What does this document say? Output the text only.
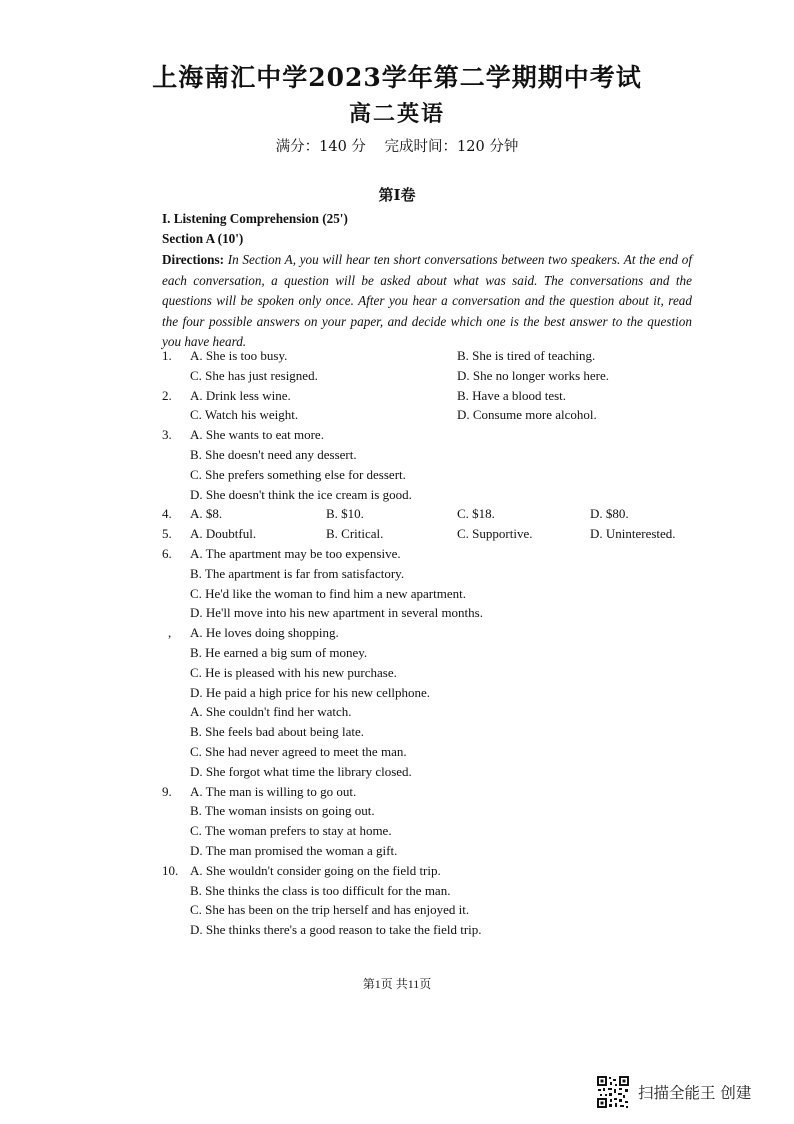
上海南汇中学2023学年第二学期期中考试
高二英语
满分：140 分 完成时间：120 分钟
第I卷
I. Listening Comprehension (25')
Section A (10')
Directions: In Section A, you will hear ten short conversations between two speakers. At the end of each conversation, a question will be asked about what was said. The conversations and the questions will be spoken only once. After you hear a conversation and the question about it, read the four possible answers on your paper, and decide which one is the best answer to the question you have heard.
1.	A. She is too busy.	B. She is tired of teaching.
C. She has just resigned.	D. She no longer works here.
2.	A. Drink less wine.	B. Have a blood test.
C. Watch his weight.	D. Consume more alcohol.
3.	A. She wants to eat more.
B. She doesn't need any dessert.
C. She prefers something else for dessert.
D. She doesn't think the ice cream is good.
4.	A. $8.	B. $10.	C. $18.	D. $80.
5.	A. Doubtful.	B. Critical.	C. Supportive.	D. Uninterested.
6.	A. The apartment may be too expensive.
B. The apartment is far from satisfactory.
C. He'd like the woman to find him a new apartment.
D. He'll move into his new apartment in several months.
,	A. He loves doing shopping.
B. He earned a big sum of money.
C. He is pleased with his new purchase.
D. He paid a high price for his new cellphone.
A. She couldn't find her watch.
B. She feels bad about being late.
C. She had never agreed to meet the man.
D. She forgot what time the library closed.
9.	A. The man is willing to go out.
B. The woman insists on going out.
C. The woman prefers to stay at home.
D. The man promised the woman a gift.
10. A. She wouldn't consider going on the field trip.
B. She thinks the class is too difficult for the man.
C. She has been on the trip herself and has enjoyed it.
D. She thinks there's a good reason to take the field trip.
第1页 共11页
扫描全能王 创建
